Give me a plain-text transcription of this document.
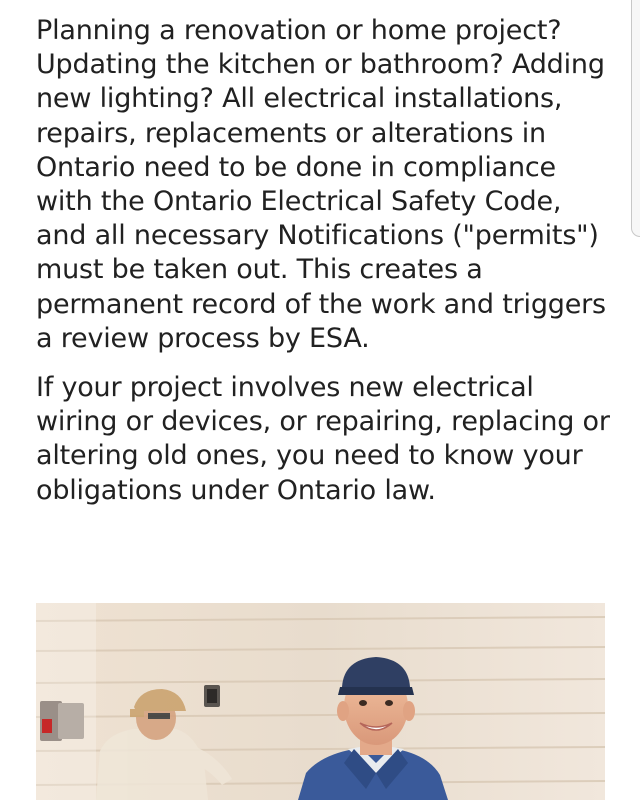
Planning a renovation or home project? Updating the kitchen or bathroom? Adding new lighting? All electrical installations, repairs, replacements or alterations in Ontario need to be done in compliance with the Ontario Electrical Safety Code, and all necessary Notifications ("permits") must be taken out. This creates a permanent record of the work and triggers a review process by ESA.

If your project involves new electrical wiring or devices, or repairing, replacing or altering old ones, you need to know your obligations under Ontario law.
